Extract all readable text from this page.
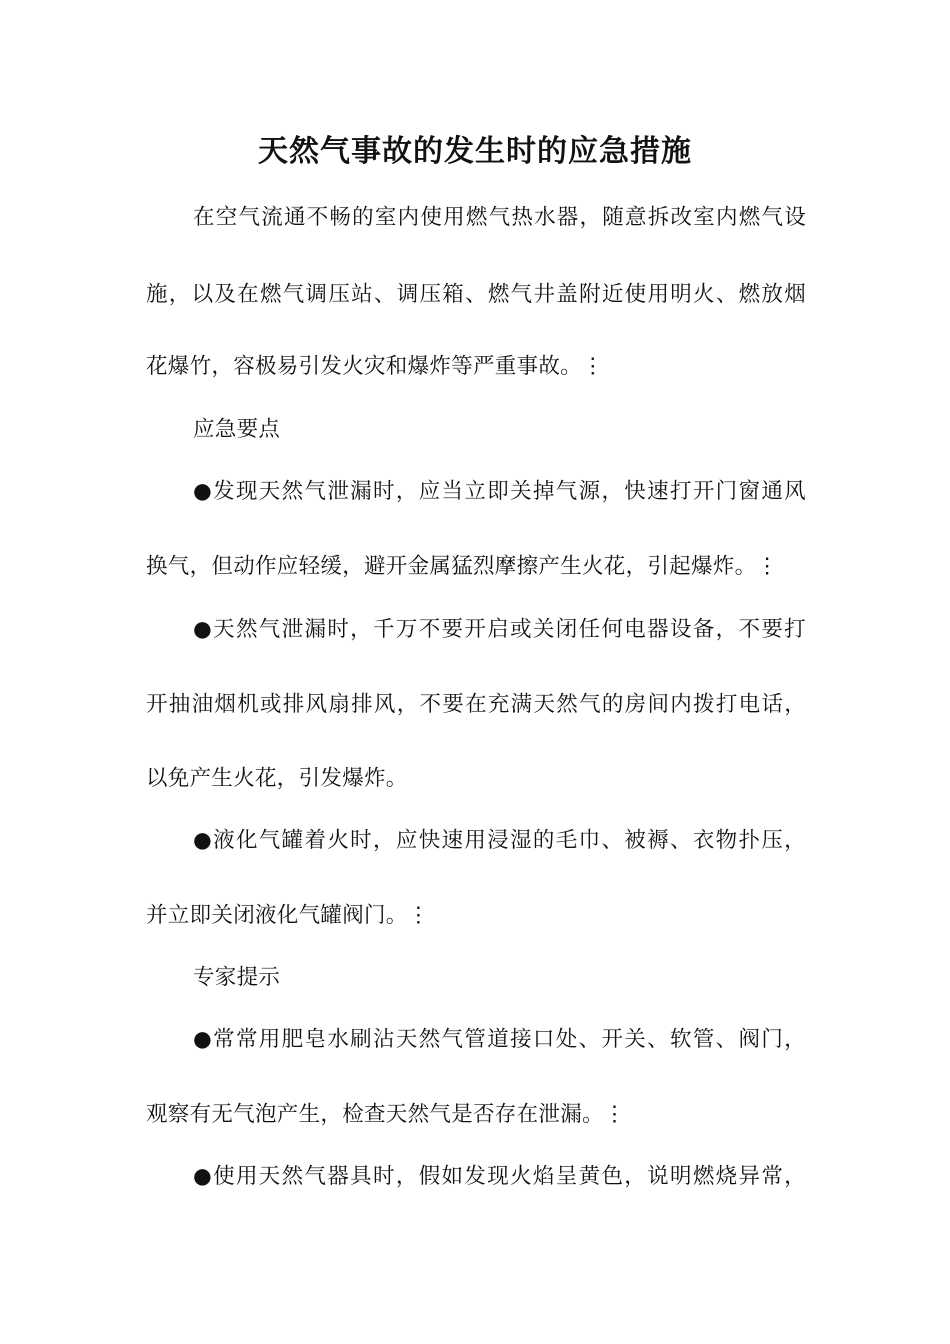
天然气事故的发生时的应急措施

在空气流通不畅的室内使用燃气热水器，随意拆改室内燃气设

施，以及在燃气调压站、调压箱、燃气井盖附近使用明火、燃放烟

花爆竹，容极易引发火灾和爆炸等严重事故。⋮

应急要点

●发现天然气泄漏时，应当立即关掉气源，快速打开门窗通风

换气，但动作应轻缓，避开金属猛烈摩擦产生火花，引起爆炸。⋮

●天然气泄漏时，千万不要开启或关闭任何电器设备，不要打

开抽油烟机或排风扇排风，不要在充满天然气的房间内拨打电话，

以免产生火花，引发爆炸。

●液化气罐着火时，应快速用浸湿的毛巾、被褥、衣物扑压，

并立即关闭液化气罐阀门。⋮

专家提示

●常常用肥皂水刷沾天然气管道接口处、开关、软管、阀门，

观察有无气泡产生，检查天然气是否存在泄漏。⋮

●使用天然气器具时，假如发现火焰呈黄色，说明燃烧异常，
